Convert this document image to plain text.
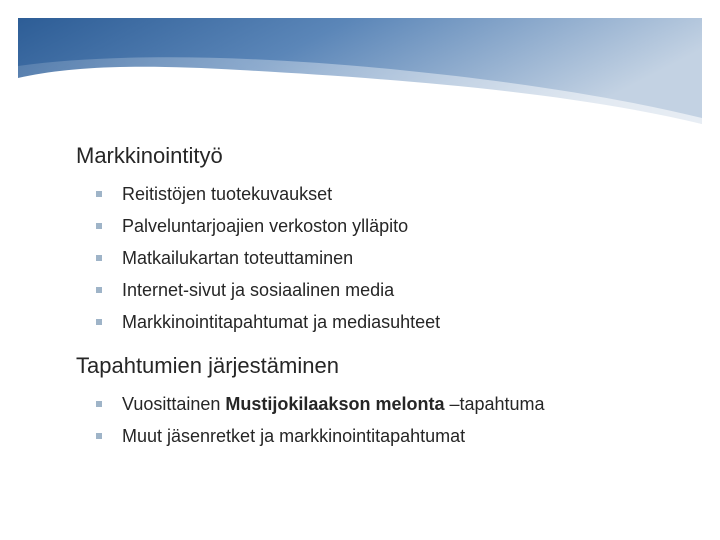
Markkinointityö
Reitistöjen tuotekuvaukset
Palveluntarjoajien verkoston ylläpito
Matkailukartan toteuttaminen
Internet-sivut ja sosiaalinen media
Markkinointitapahtumat ja mediasuhteet
Tapahtumien järjestäminen
Vuosittainen Mustijokilaakson melonta –tapahtuma
Muut jäsenretket ja markkinointitapahtumat
